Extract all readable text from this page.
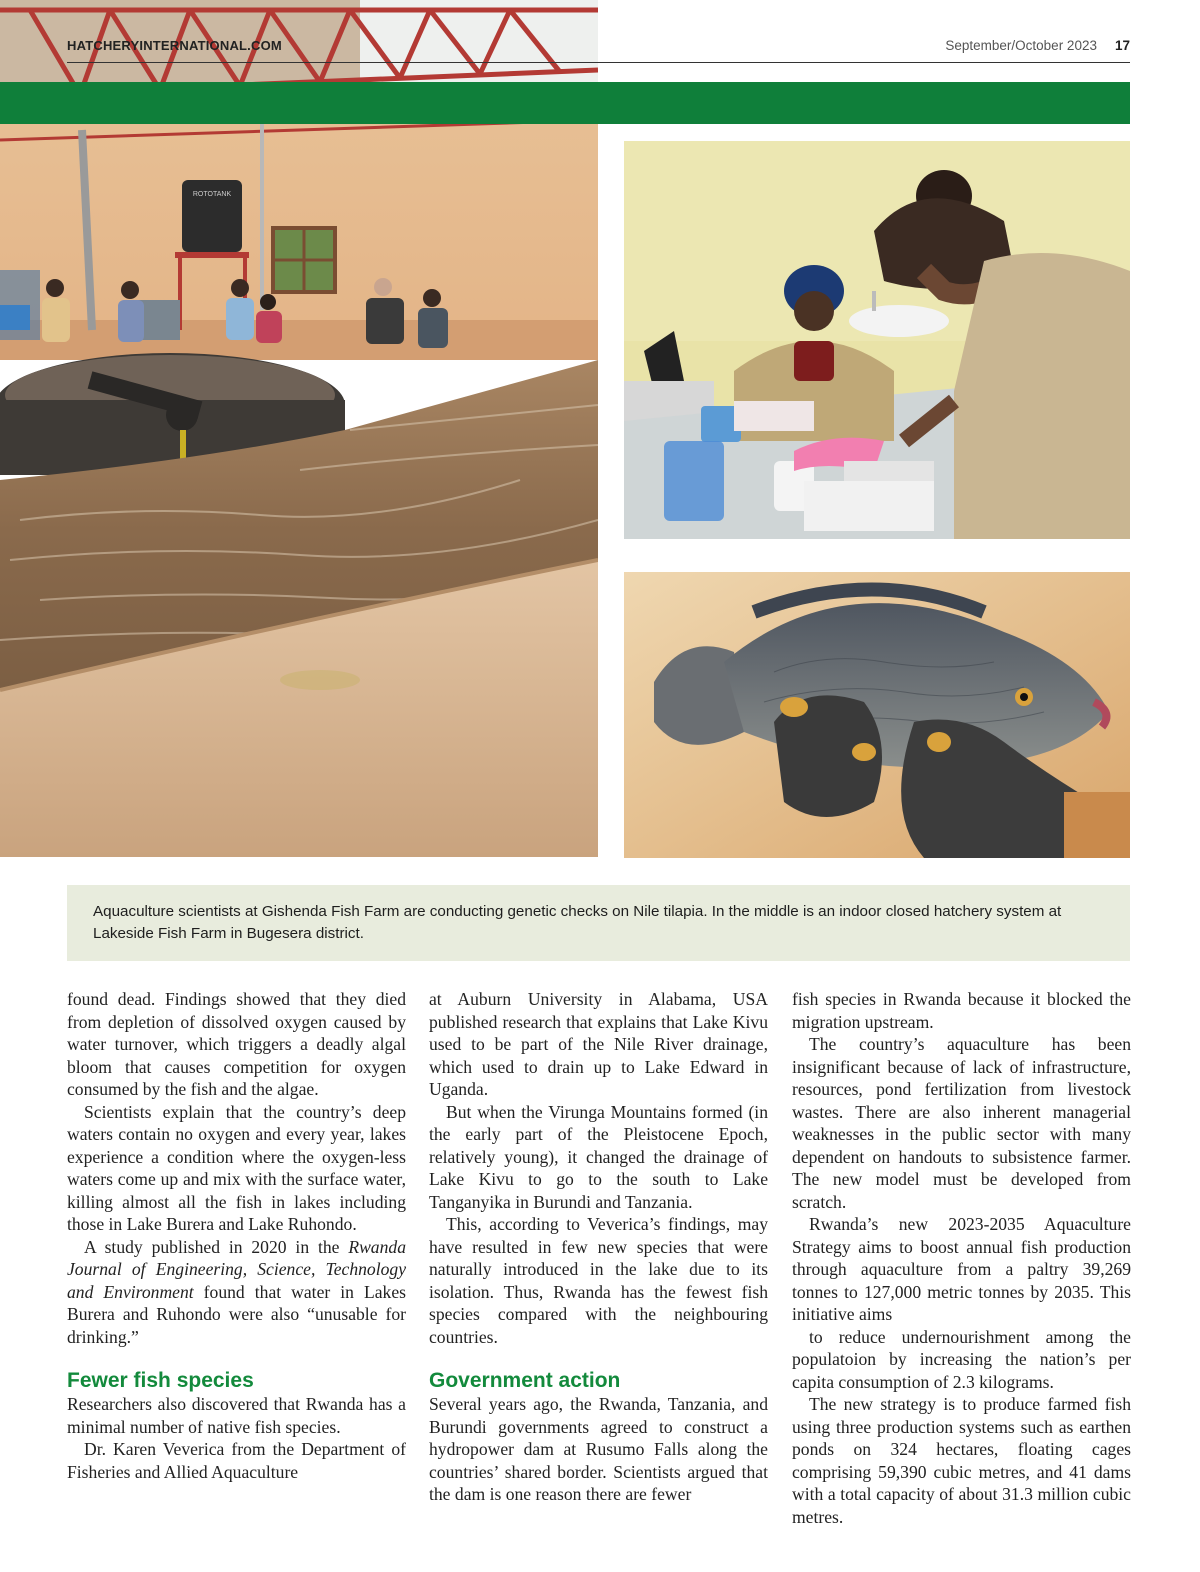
HATCHERYINTERNATIONAL.COM	September/October 2023 17
ROTOTANK
Aquaculture scientists at Gishenda Fish Farm are conducting genetic checks on Nile tilapia. In the middle is an indoor closed hatchery system at Lakeside Fish Farm in Bugesera district.

found dead. Findings showed that they died from depletion of dissolved oxygen caused by water turnover, which triggers a deadly algal bloom that causes competition for oxygen consumed by the fish and the algae.

Scientists explain that the country’s deep waters contain no oxygen and every year, lakes experience a condition where the oxygen-less waters come up and mix with the surface water, killing almost all the fish in lakes including those in Lake Burera and Lake Ruhondo.

A study published in 2020 in the Rwanda Journal of Engineering, Science, Technology and Environment found that water in Lakes Burera and Ruhondo were also “unusable for drinking.”

Fewer fish species

Researchers also discovered that Rwanda has a minimal number of native fish species.

Dr. Karen Veverica from the Department of Fisheries and Allied Aquaculture

at Auburn University in Alabama, USA published research that explains that Lake Kivu used to be part of the Nile River drainage, which used to drain up to Lake Edward in Uganda.

But when the Virunga Mountains formed (in the early part of the Pleistocene Epoch, relatively young), it changed the drainage of Lake Kivu to go to the south to Lake Tanganyika in Burundi and Tanzania.

This, according to Veverica’s findings, may have resulted in few new species that were naturally introduced in the lake due to its isolation. Thus, Rwanda has the fewest fish species compared with the neighbouring countries.

Government action

Several years ago, the Rwanda, Tanzania, and Burundi governments agreed to construct a hydropower dam at Rusumo Falls along the countries’ shared border. Scientists argued that the dam is one reason there are fewer

fish species in Rwanda because it blocked the migration upstream.

The country’s aquaculture has been insignificant because of lack of infrastructure, resources, pond fertilization from livestock wastes. There are also inherent managerial weaknesses in the public sector with many dependent on handouts to subsistence farmer. The new model must be developed from scratch.

Rwanda’s new 2023-2035 Aquaculture Strategy aims to boost annual fish production through aquaculture from a paltry 39,269 tonnes to 127,000 metric tonnes by 2035. This initiative aims

to reduce undernourishment among the populatoion by increasing the nation’s per capita consumption of 2.3 kilograms.

The new strategy is to produce farmed fish using three production systems such as earthen ponds on 324 hectares, floating cages comprising 59,390 cubic metres, and 41 dams with a total capacity of about 31.3 million cubic metres.
